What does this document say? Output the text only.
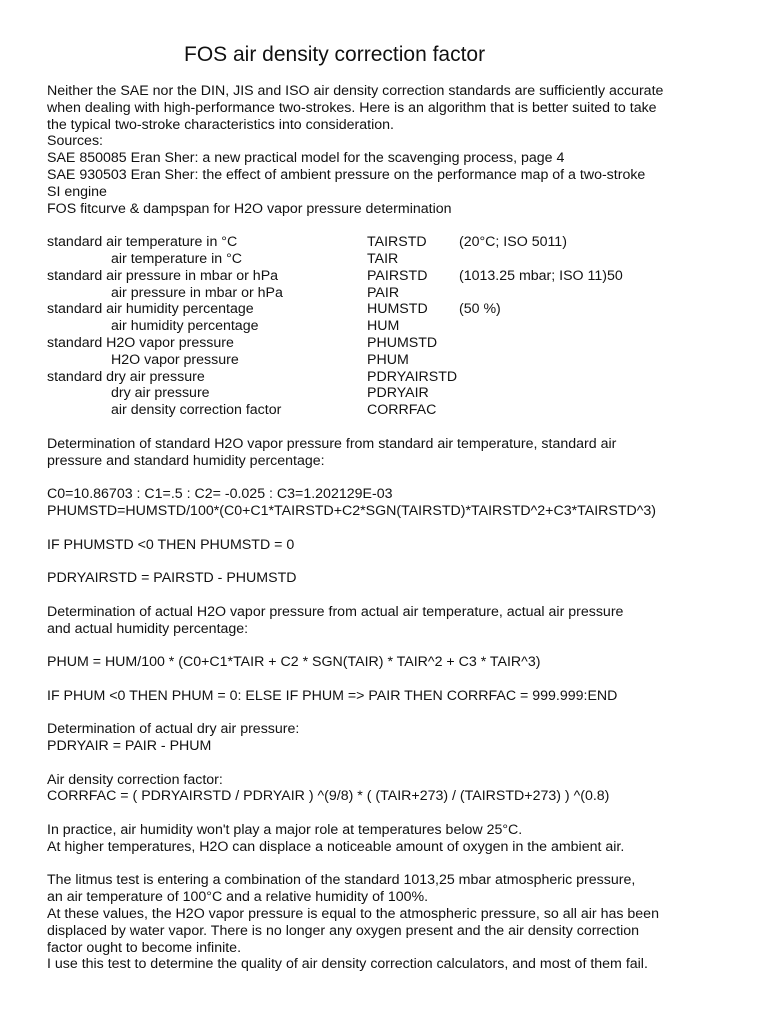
FOS air density correction factor
Neither the SAE nor the DIN, JIS and ISO air density correction standards are sufficiently accurate
when dealing with high-performance two-strokes. Here is an algorithm that is better suited to take
the typical two-stroke characteristics into consideration.
Sources:
SAE 850085 Eran Sher: a new practical model for the scavenging process, page 4
SAE 930503 Eran Sher: the effect of ambient pressure on the performance map of a two-stroke
SI engine
FOS fitcurve & dampspan for H2O vapor pressure determination
standard air temperature in °C	TAIRSTD	(20°C; ISO 5011)
air temperature in °C	TAIR
standard air pressure in mbar or hPa	PAIRSTD	(1013.25 mbar; ISO 11)50
air pressure in mbar or hPa	PAIR
standard air humidity percentage	HUMSTD	(50 %)
air humidity percentage	HUM
standard H2O vapor pressure	PHUMSTD
H2O vapor pressure	PHUM
standard dry air pressure	PDRYAIRSTD
dry air pressure	PDRYAIR
air density correction factor	CORRFAC
Determination of standard H2O vapor pressure from standard air temperature, standard air
pressure and standard humidity percentage:
C0=10.86703 : C1=.5 : C2= -0.025 : C3=1.202129E-03
PHUMSTD=HUMSTD/100*(C0+C1*TAIRSTD+C2*SGN(TAIRSTD)*TAIRSTD^2+C3*TAIRSTD^3)
IF PHUMSTD <0 THEN PHUMSTD = 0
PDRYAIRSTD = PAIRSTD - PHUMSTD
Determination of actual H2O vapor pressure from actual air temperature, actual air pressure
and actual humidity percentage:
PHUM = HUM/100 * (C0+C1*TAIR + C2 * SGN(TAIR) * TAIR^2 + C3 * TAIR^3)
IF PHUM <0 THEN PHUM = 0: ELSE IF PHUM => PAIR THEN CORRFAC = 999.999:END
Determination of actual dry air pressure:
PDRYAIR = PAIR - PHUM
Air density correction factor:
CORRFAC = ( PDRYAIRSTD / PDRYAIR ) ^(9/8) * ( (TAIR+273) / (TAIRSTD+273) ) ^(0.8)
In practice, air humidity won't play a major role at temperatures below 25°C.
At higher temperatures, H2O can displace a noticeable amount of oxygen in the ambient air.
The litmus test is entering a combination of the standard 1013,25 mbar atmospheric pressure,
an air temperature of 100°C and a relative humidity of 100%.
At these values, the H2O vapor pressure is equal to the atmospheric pressure, so all air has been
displaced by water vapor. There is no longer any oxygen present and the air density correction
factor ought to become infinite.
I use this test to determine the quality of air density correction calculators, and most of them fail.
